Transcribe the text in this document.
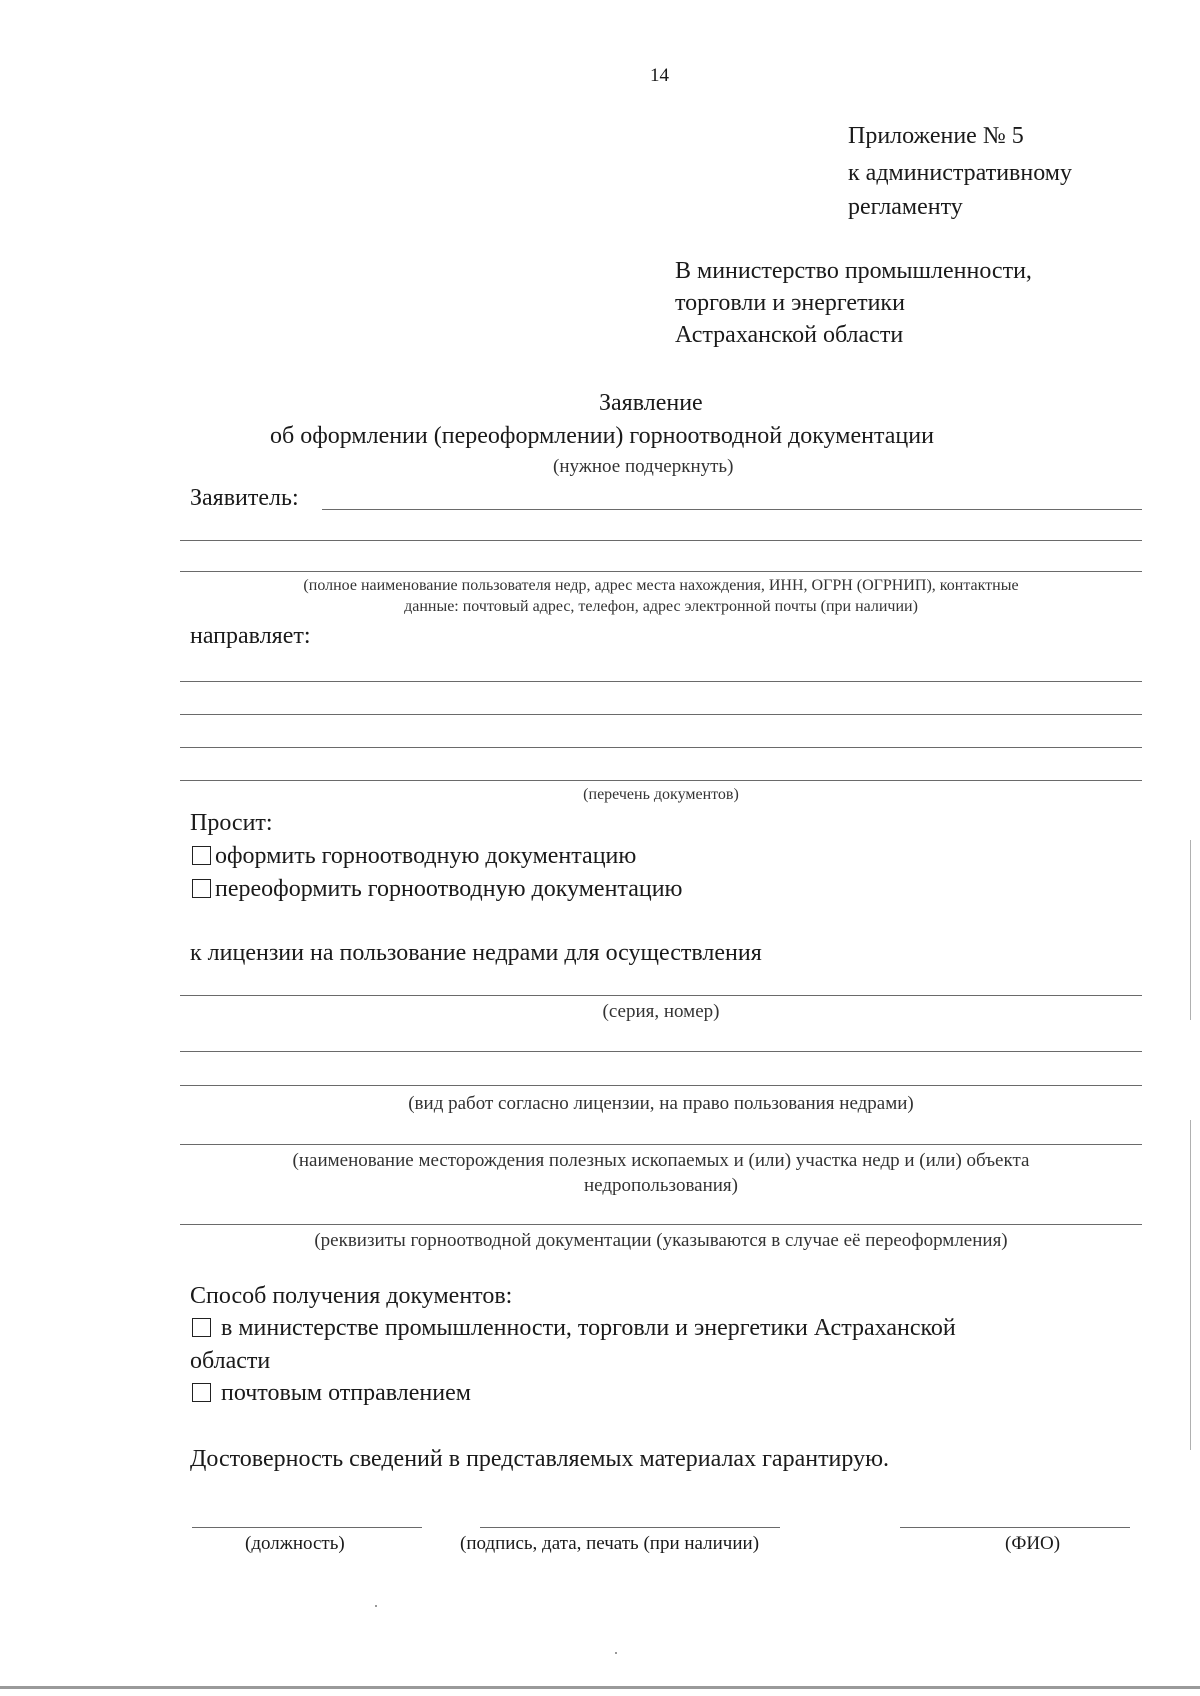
14
Приложение № 5
к административному
регламенту
В министерство промышленности,
торговли и энергетики
Астраханской области
Заявление
об оформлении (переоформлении) горноотводной документации
(нужное подчеркнуть)
Заявитель:
(полное наименование пользователя недр, адрес места нахождения, ИНН, ОГРН (ОГРНИП), контактные
данные: почтовый адрес, телефон, адрес электронной почты (при наличии)
направляет:
(перечень документов)
Просит:
оформить горноотводную документацию
переоформить горноотводную документацию
к лицензии на пользование недрами для осуществления
(серия, номер)
(вид работ согласно лицензии, на право пользования недрами)
(наименование месторождения полезных ископаемых и (или) участка недр и (или) объекта
недропользования)
(реквизиты горноотводной документации (указываются в случае её переоформления)
Способ получения документов:
в министерстве промышленности, торговли и энергетики Астраханской
области
почтовым отправлением
Достоверность сведений в представляемых материалах гарантирую.
(должность)	(подпись, дата, печать (при наличии)	(ФИО)
